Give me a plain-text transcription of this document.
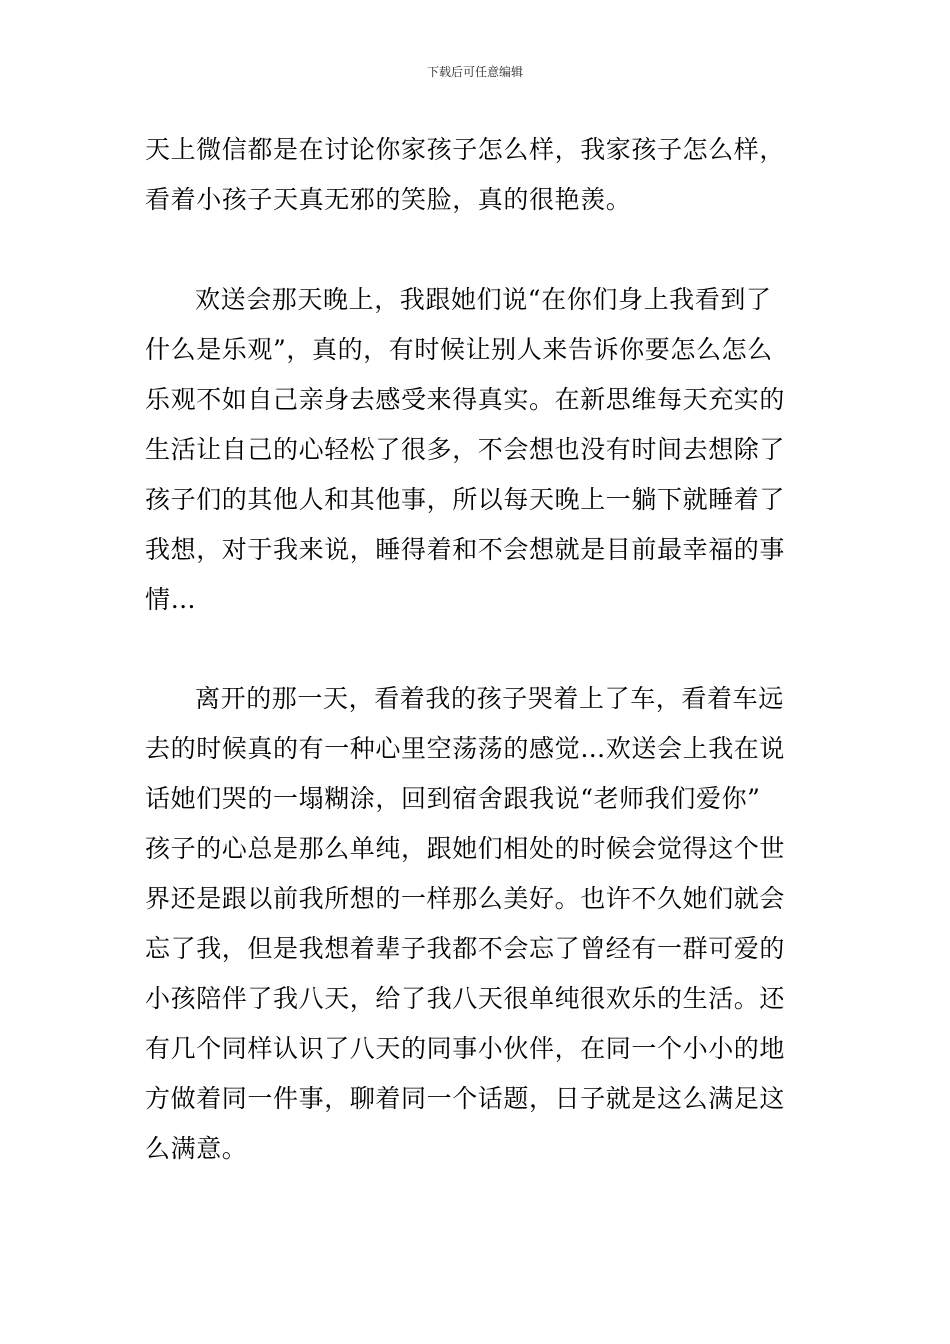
下载后可任意编辑
天上微信都是在讨论你家孩子怎么样，我家孩子怎么样，
看着小孩子天真无邪的笑脸，真的很艳羡。
欢送会那天晚上，我跟她们说“在你们身上我看到了
什么是乐观”，真的，有时候让别人来告诉你要怎么怎么
乐观不如自己亲身去感受来得真实。在新思维每天充实的
生活让自己的心轻松了很多，不会想也没有时间去想除了
孩子们的其他人和其他事，所以每天晚上一躺下就睡着了
我想，对于我来说，睡得着和不会想就是目前最幸福的事
情…
离开的那一天，看着我的孩子哭着上了车，看着车远
去的时候真的有一种心里空荡荡的感觉…欢送会上我在说
话她们哭的一塌糊涂，回到宿舍跟我说“老师我们爱你”
孩子的心总是那么单纯，跟她们相处的时候会觉得这个世
界还是跟以前我所想的一样那么美好。也许不久她们就会
忘了我，但是我想着辈子我都不会忘了曾经有一群可爱的
小孩陪伴了我八天，给了我八天很单纯很欢乐的生活。还
有几个同样认识了八天的同事小伙伴，在同一个小小的地
方做着同一件事，聊着同一个话题，日子就是这么满足这
么满意。
